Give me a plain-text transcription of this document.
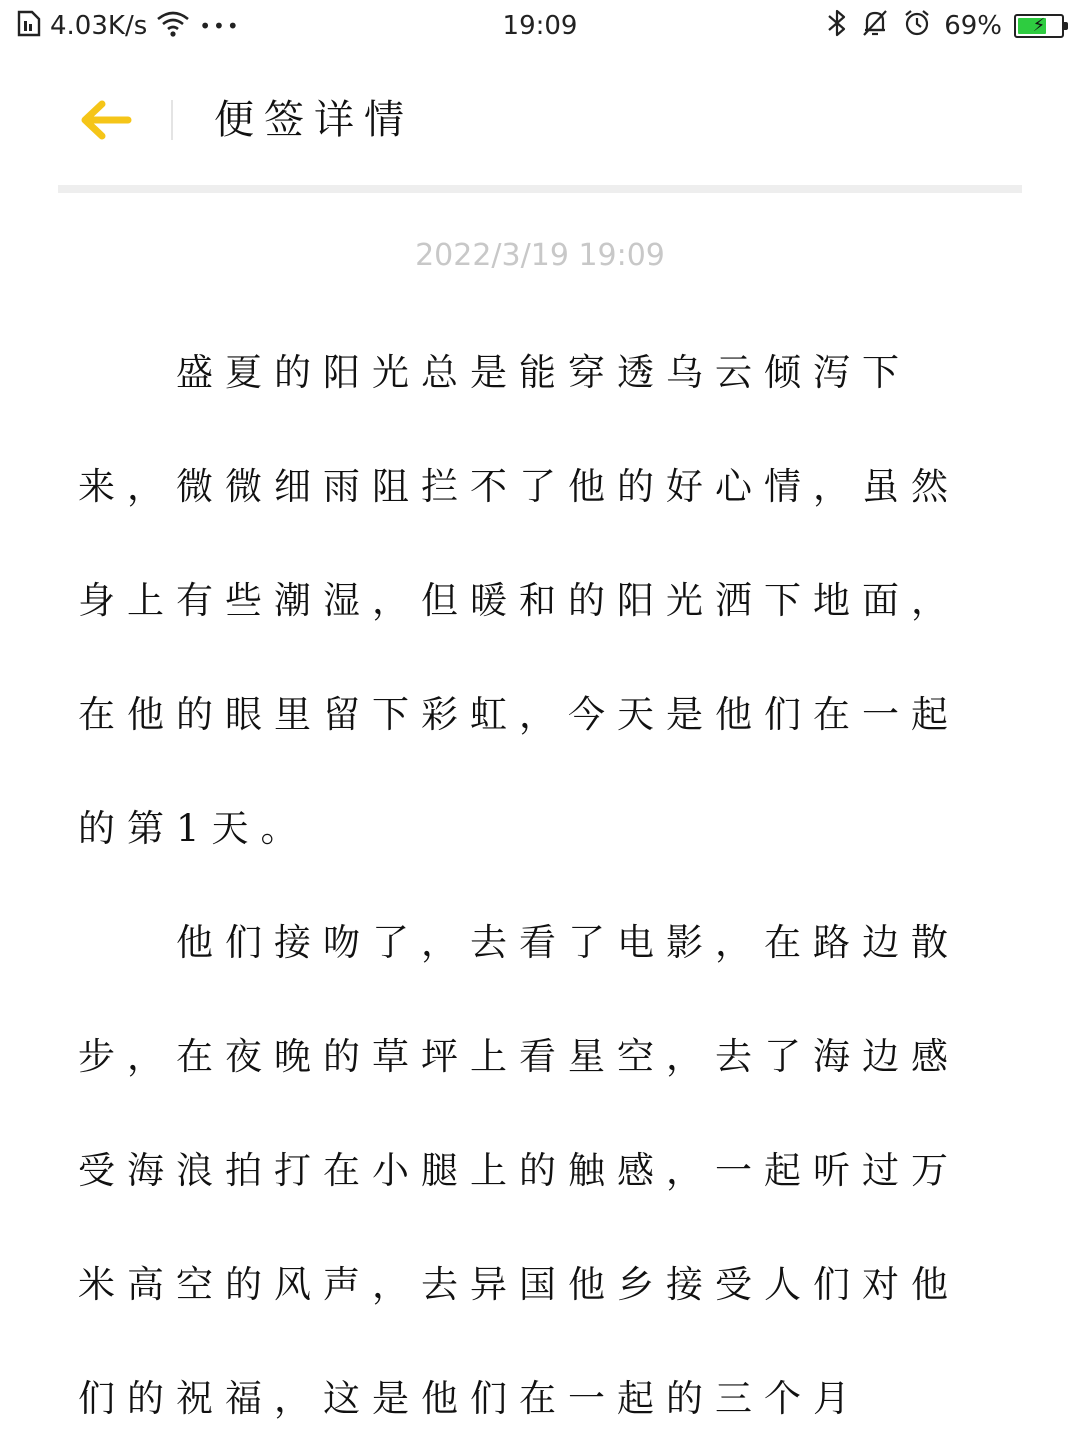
4.03K/s	•••	19:09	69%	⚡
便签详情
2022/3/19 19:09

盛夏的阳光总是能穿透乌云倾泻下来，微微细雨阻拦不了他的好心情，虽然身上有些潮湿，但暖和的阳光洒下地面，在他的眼里留下彩虹，今天是他们在一起的第1天。

他们接吻了，去看了电影，在路边散步，在夜晚的草坪上看星空，去了海边感受海浪拍打在小腿上的触感，一起听过万米高空的风声，去异国他乡接受人们对他们的祝福，这是他们在一起的三个月
